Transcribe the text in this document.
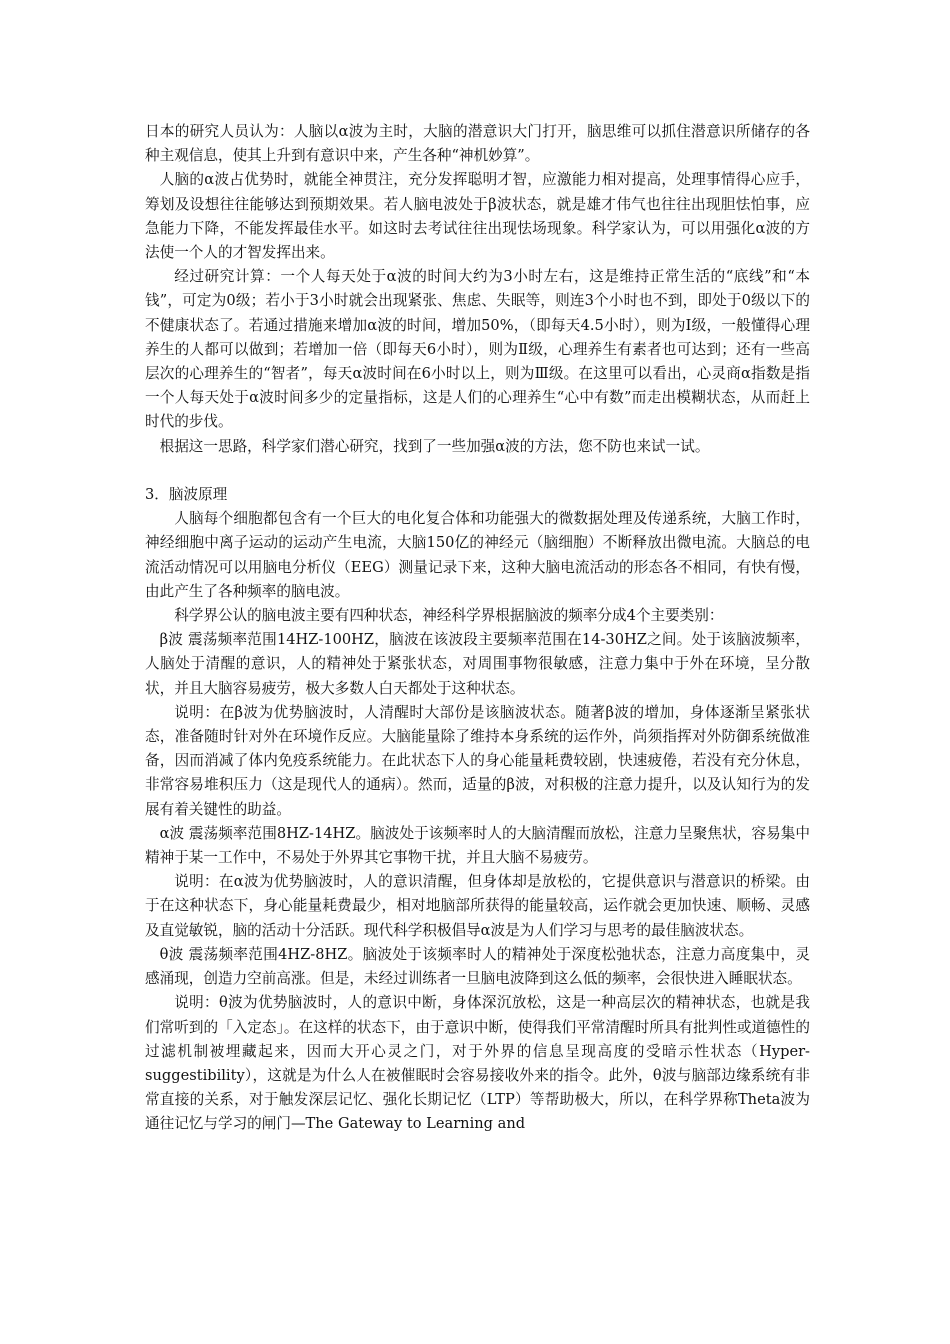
日本的研究人员认为：人脑以α波为主时，大脑的潜意识大门打开，脑思维可以抓住潜意识所储存的各种主观信息，使其上升到有意识中来，产生各种“神机妙算”。

人脑的α波占优势时，就能全神贯注，充分发挥聪明才智，应激能力相对提高，处理事情得心应手，筹划及设想往往能够达到预期效果。若人脑电波处于β波状态，就是雄才伟气也往往出现胆怯怕事，应急能力下降，不能发挥最佳水平。如这时去考试往往出现怯场现象。科学家认为，可以用强化α波的方法使一个人的才智发挥出来。

经过研究计算：一个人每天处于α波的时间大约为3小时左右，这是维持正常生活的“底线”和“本钱”，可定为0级；若小于3小时就会出现紧张、焦虑、失眠等，则连3个小时也不到，即处于0级以下的不健康状态了。若通过措施来增加α波的时间，增加50%，（即每天4.5小时），则为Ⅰ级，一般懂得心理养生的人都可以做到；若增加一倍（即每天6小时），则为Ⅱ级，心理养生有素者也可达到；还有一些高层次的心理养生的“智者”，每天α波时间在6小时以上，则为Ⅲ级。在这里可以看出，心灵商α指数是指一个人每天处于α波时间多少的定量指标，这是人们的心理养生“心中有数”而走出模糊状态，从而赶上时代的步伐。

根据这一思路，科学家们潜心研究，找到了一些加强α波的方法，您不防也来试一试。

3．脑波原理

人脑每个细胞都包含有一个巨大的电化复合体和功能强大的微数据处理及传递系统，大脑工作时，神经细胞中离子运动的运动产生电流，大脑150亿的神经元（脑细胞）不断释放出微电流。大脑总的电流活动情况可以用脑电分析仪（EEG）测量记录下来，这种大脑电流活动的形态各不相同，有快有慢，由此产生了各种频率的脑电波。

科学界公认的脑电波主要有四种状态，神经科学界根据脑波的频率分成4个主要类别：

β波 震荡频率范围14HZ-100HZ，脑波在该波段主要频率范围在14-30HZ之间。处于该脑波频率，人脑处于清醒的意识，人的精神处于紧张状态，对周围事物很敏感，注意力集中于外在环境，呈分散状，并且大脑容易疲劳，极大多数人白天都处于这种状态。

说明：在β波为优势脑波时，人清醒时大部份是该脑波状态。随著β波的增加，身体逐渐呈紧张状态，准备随时针对外在环境作反应。大脑能量除了维持本身系统的运作外，尚须指挥对外防御系统做准备，因而消减了体内免疫系统能力。在此状态下人的身心能量耗费较剧，快速疲倦，若没有充分休息，非常容易堆积压力（这是现代人的通病）。然而，适量的β波，对积极的注意力提升，以及认知行为的发展有着关键性的助益。

α波 震荡频率范围8HZ-14HZ。脑波处于该频率时人的大脑清醒而放松，注意力呈聚焦状，容易集中精神于某一工作中，不易处于外界其它事物干扰，并且大脑不易疲劳。

说明：在α波为优势脑波时，人的意识清醒，但身体却是放松的，它提供意识与潜意识的桥梁。由于在这种状态下，身心能量耗费最少，相对地脑部所获得的能量较高，运作就会更加快速、顺畅、灵感及直觉敏锐，脑的活动十分活跃。现代科学积极倡导α波是为人们学习与思考的最佳脑波状态。

θ波 震荡频率范围4HZ-8HZ。脑波处于该频率时人的精神处于深度松弛状态，注意力高度集中，灵感涌现，创造力空前高涨。但是，未经过训练者一旦脑电波降到这么低的频率，会很快进入睡眠状态。

说明：θ波为优势脑波时，人的意识中断，身体深沉放松，这是一种高层次的精神状态，也就是我们常听到的「入定态」。在这样的状态下，由于意识中断，使得我们平常清醒时所具有批判性或道德性的过滤机制被埋藏起来，因而大开心灵之门，对于外界的信息呈现高度的受暗示性状态（Hyper-suggestibility），这就是为什么人在被催眠时会容易接收外来的指令。此外，θ波与脑部边缘系统有非常直接的关系，对于触发深层记忆、强化长期记忆（LTP）等帮助极大，所以，在科学界称Theta波为通往记忆与学习的闸门—The Gateway to Learning and
